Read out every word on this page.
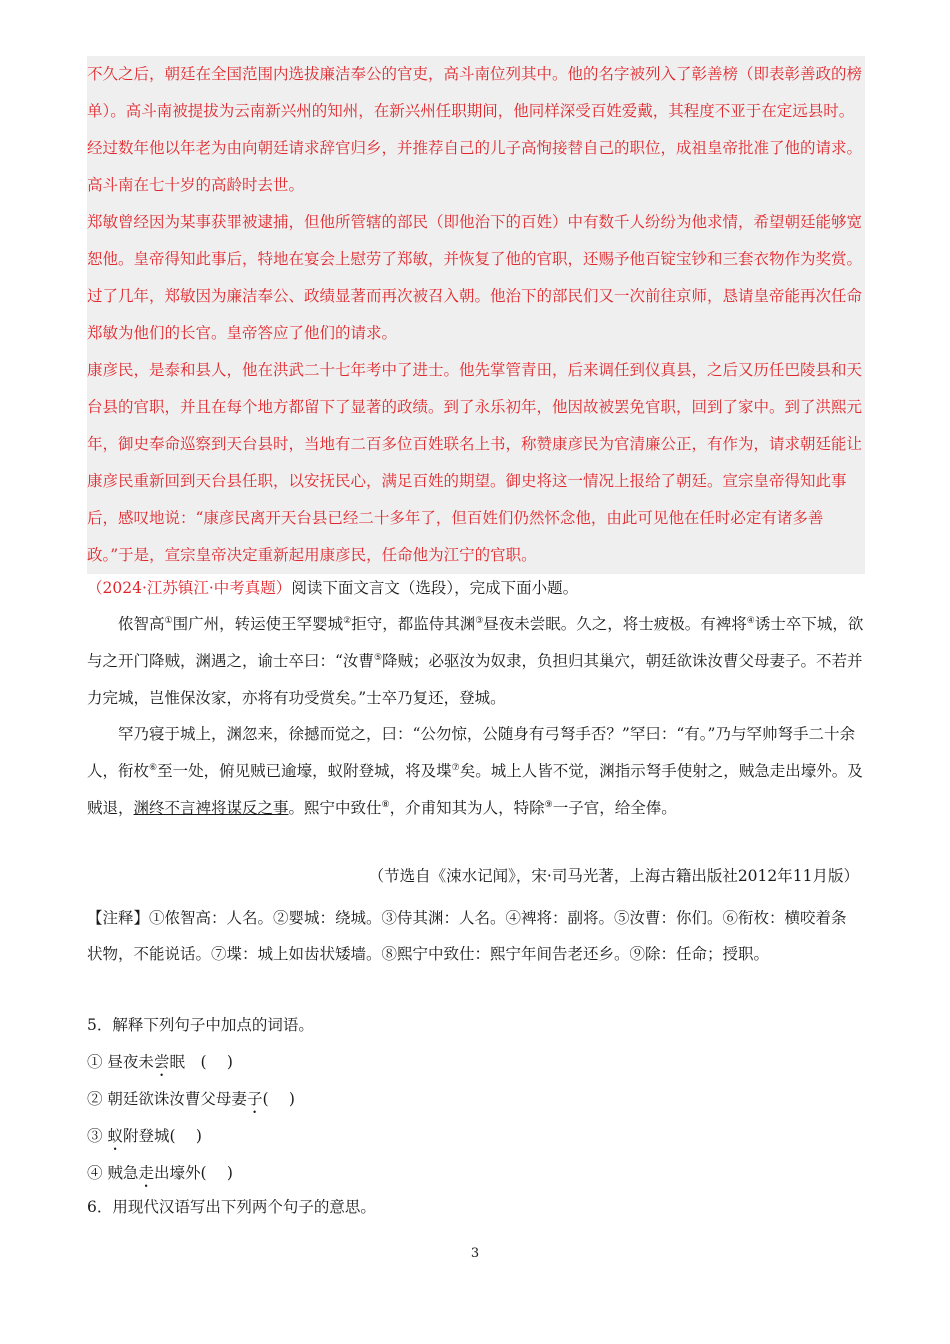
不久之后，朝廷在全国范围内选拔廉洁奉公的官吏，高斗南位列其中。他的名字被列入了彰善榜（即表彰善政的榜单）。高斗南被提拔为云南新兴州的知州，在新兴州任职期间，他同样深受百姓爱戴，其程度不亚于在定远县时。经过数年他以年老为由向朝廷请求辞官归乡，并推荐自己的儿子高恂接替自己的职位，成祖皇帝批准了他的请求。 高斗南在七十岁的高龄时去世。

郑敏曾经因为某事获罪被逮捕，但他所管辖的部民（即他治下的百姓）中有数千人纷纷为他求情，希望朝廷能够宽恕他。皇帝得知此事后，特地在宴会上慰劳了郑敏，并恢复了他的官职，还赐予他百锭宝钞和三套衣物作为奖赏。过了几年，郑敏因为廉洁奉公、政绩显著而再次被召入朝。他治下的部民们又一次前往京师，恳请皇帝能再次任命郑敏为他们的长官。皇帝答应了他们的请求。

康彦民，是泰和县人，他在洪武二十七年考中了进士。他先掌管青田，后来调任到仪真县，之后又历任巴陵县和天台县的官职，并且在每个地方都留下了显著的政绩。到了永乐初年，他因故被罢免官职，回到了家中。到了洪熙元年，御史奉命巡察到天台县时，当地有二百多位百姓联名上书，称赞康彦民为官清廉公正，有作为，请求朝廷能让康彦民重新回到天台县任职，以安抚民心，满足百姓的期望。御史将这一情况上报给了朝廷。宣宗皇帝得知此事后，感叹地说：“康彦民离开天台县已经二十多年了，但百姓们仍然怀念他，由此可见他在任时必定有诸多善政。”于是，宣宗皇帝决定重新起用康彦民，任命他为江宁的官职。

（2024·江苏镇江·中考真题）阅读下面文言文（选段），完成下面小题。

侬智高①围广州，转运使王罕婴城②拒守，都监侍其渊③昼夜未尝眠。久之，将士疲极。有裨将④诱士卒下城，欲与之开门降贼，渊遇之，谕士卒曰：“汝曹⑤降贼；必驱汝为奴隶，负担归其巢穴，朝廷欲诛汝曹父母妻子。不若并力完城，岂惟保汝家，亦将有功受赏矣。”士卒乃复还，登城。

罕乃寝于城上，渊忽来，徐撼而觉之，曰：“公勿惊，公随身有弓弩手否？”罕曰：“有。”乃与罕帅弩手二十余人，衔枚⑥至一处，俯见贼已逾壕，蚁附登城，将及堞⑦矣。城上人皆不觉，渊指示弩手使射之，贼急走出壕外。及贼退，渊终不言裨将谋反之事。熙宁中致仕⑧，介甫知其为人，特除⑨一子官，给全俸。

（节选自《涑水记闻》，宋·司马光著，上海古籍出版社2012年11月版）

【注释】①侬智高：人名。②婴城：绕城。③侍其渊：人名。④裨将：副将。⑤汝曹：你们。⑥衔枚：横咬着条 状物，不能说话。⑦堞：城上如齿状矮墙。⑧熙宁中致仕：熙宁年间告老还乡。⑨除：任命；授职。

5．解释下列句子中加点的词语。

① 昼夜未尝眠　(　 )

② 朝廷欲诛汝曹父母妻子(　 )

③ 蚁附登城(　 )

④ 贼急走出壕外(　 )

6．用现代汉语写出下列两个句子的意思。

3
